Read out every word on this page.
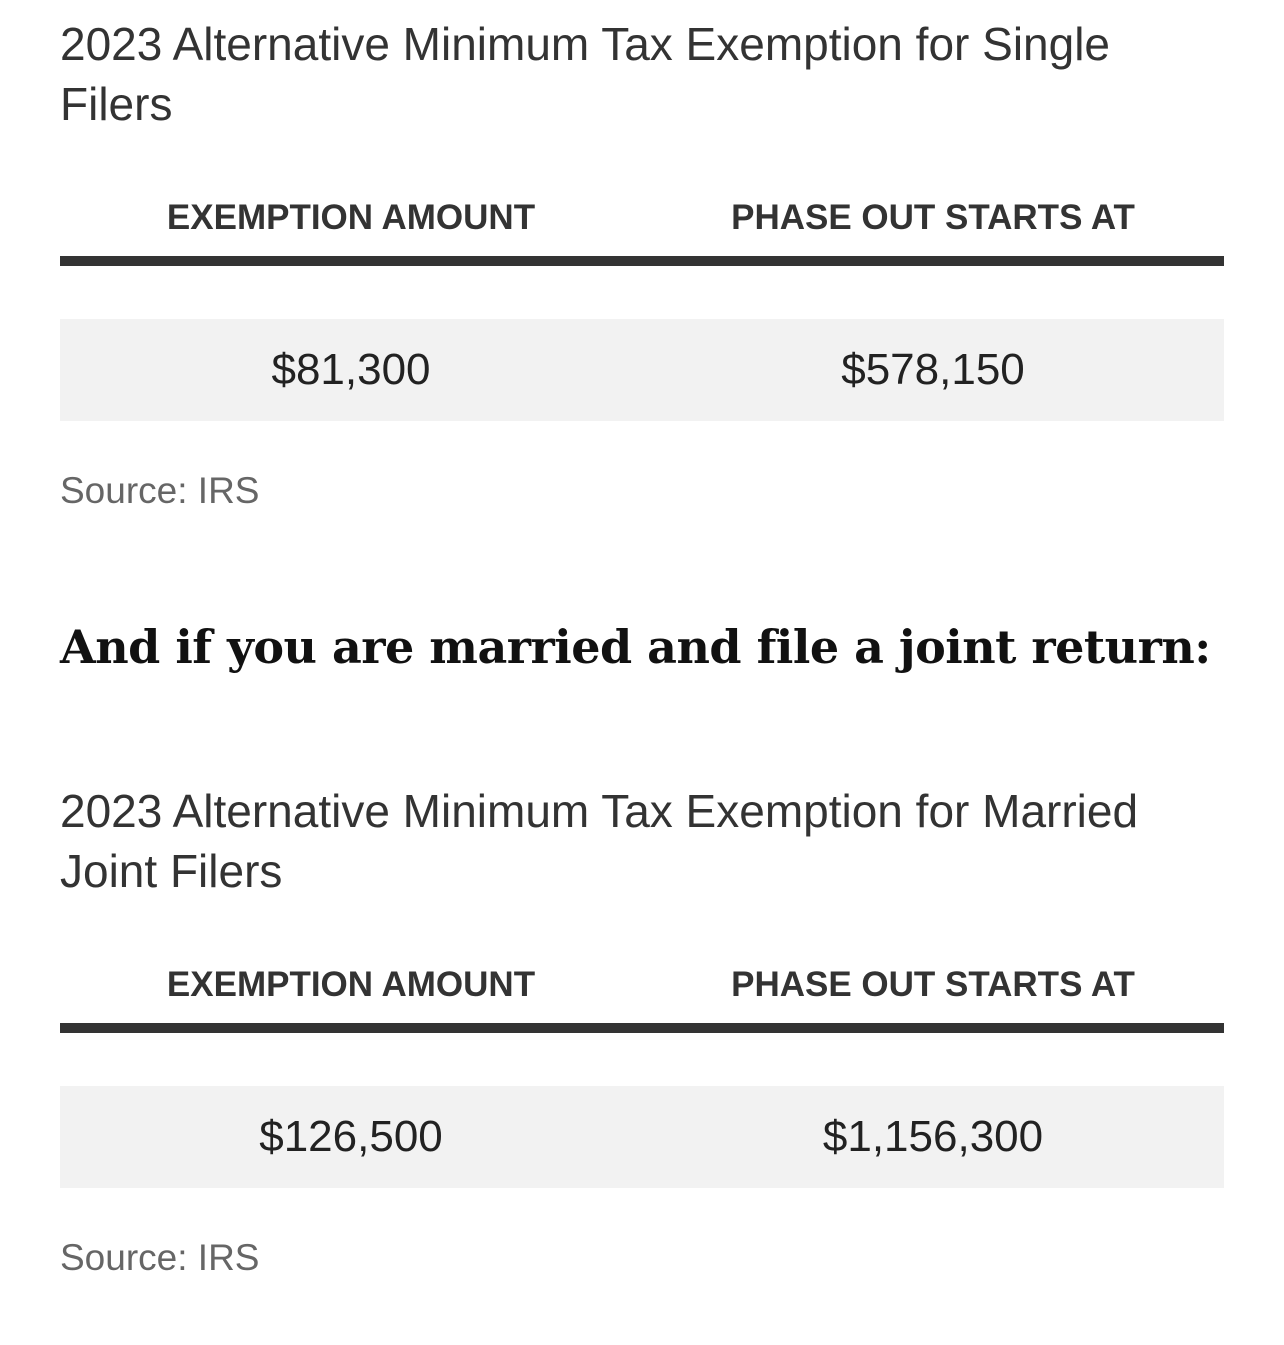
2023 Alternative Minimum Tax Exemption for Single Filers
EXEMPTION AMOUNT	PHASE OUT STARTS AT

$81,300	$578,150

Source: IRS

And if you are married and file a joint return:

2023 Alternative Minimum Tax Exemption for Married Joint Filers
EXEMPTION AMOUNT	PHASE OUT STARTS AT

$126,500	$1,156,300

Source: IRS
